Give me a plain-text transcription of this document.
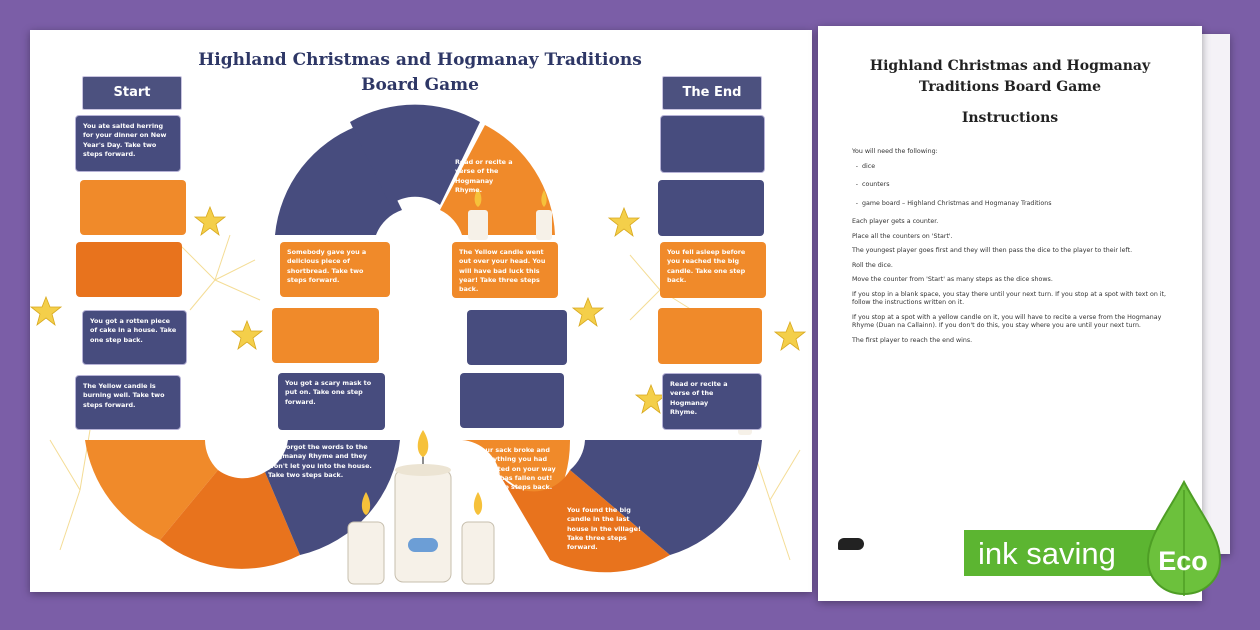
Highland Christmas and Hogmanay Traditions
Board Game
Start	The End
You ate salted herring for your dinner on New Year's Day. Take two steps forward.
You got a rotten piece of cake in a house. Take one step back.
The Yellow candle is burning well. Take two steps forward.
Somebody gave you a delicious piece of shortbread. Take two steps forward.
You got a scary mask to put on. Take one step forward.
You forgot the words to the Hogmanay Rhyme and they won't let you into the house. Take two steps back.
Read or recite a verse of the Hogmanay Rhyme.
The Yellow candle went out over your head. You will have bad luck this year! Take three steps back.
Your sack broke and everything you had collected on your way so far has fallen out! Take two steps back.
You found the big candle in the last house in the village! Take three steps forward.
You fell asleep before you reached the big candle. Take one step back.
Read or recite a verse of the Hogmanay Rhyme.
Highland Christmas and Hogmanay
Traditions Board Game
Instructions

You will need the following:

- dice
- counters
- game board – Highland Christmas and Hogmanay Traditions

Each player gets a counter.

Place all the counters on 'Start'.

The youngest player goes first and they will then pass the dice to the player to their left.

Roll the dice.

Move the counter from 'Start' as many steps as the dice shows.

If you stop in a blank space, you stay there until your next turn. If you stop at a spot with text on it, follow the instructions written on it.

If you stop at a spot with a yellow candle on it, you will have to recite a verse from the Hogmanay Rhyme (Duan na Callainn). If you don't do this, you stay where you are until your next turn.

The first player to reach the end wins.

ink saving Eco
